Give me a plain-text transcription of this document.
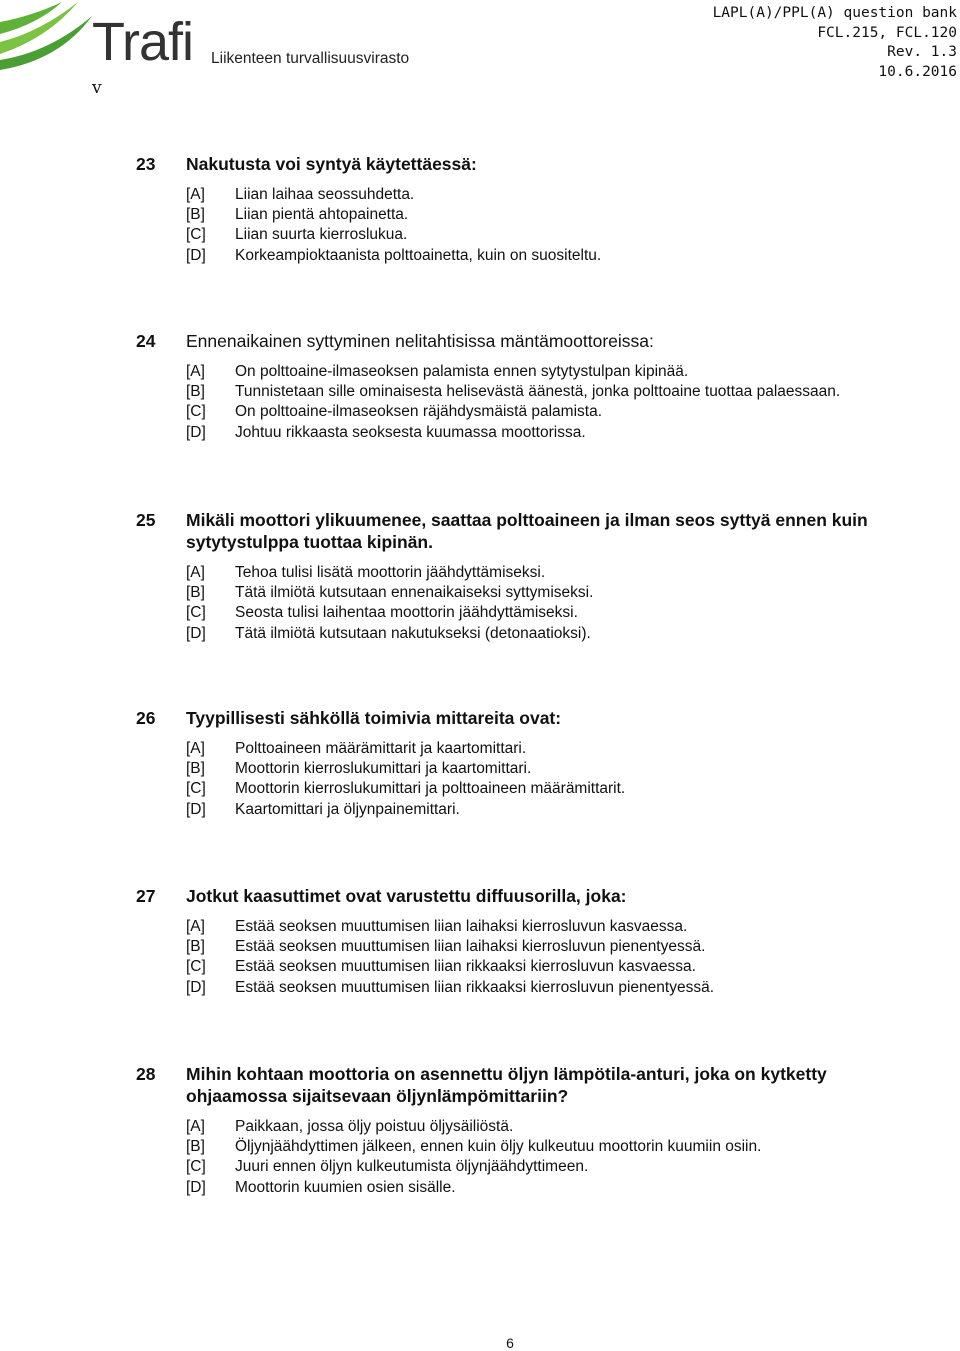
Trafi Liikenteen turvallisuusvirasto
v
LAPL(A)/PPL(A) question bank
FCL.215, FCL.120
Rev. 1.3
10.6.2016
23	Nakutusta voi syntyä käytettäessä:
[A]	Liian laihaa seossuhdetta.
[B]	Liian pientä ahtopainetta.
[C]	Liian suurta kierroslukua.
[D]	Korkeampioktaanista polttoainetta, kuin on suositeltu.
24	Ennenaikainen syttyminen nelitahtisissa mäntämoottoreissa:
[A]	On polttoaine-ilmaseoksen palamista ennen sytytystulpan kipinää.
[B]	Tunnistetaan sille ominaisesta helisevästä äänestä, jonka polttoaine tuottaa palaessaan.
[C]	On polttoaine-ilmaseoksen räjähdysmäistä palamista.
[D]	Johtuu rikkaasta seoksesta kuumassa moottorissa.
25	Mikäli moottori ylikuumenee, saattaa polttoaineen ja ilman seos syttyä ennen kuin sytytystulppa tuottaa kipinän.
[A]	Tehoa tulisi lisätä moottorin jäähdyttämiseksi.
[B]	Tätä ilmiötä kutsutaan ennenaikaiseksi syttymiseksi.
[C]	Seosta tulisi laihentaa moottorin jäähdyttämiseksi.
[D]	Tätä ilmiötä kutsutaan nakutukseksi (detonaatioksi).
26	Tyypillisesti sähköllä toimivia mittareita ovat:
[A]	Polttoaineen määrämittarit ja kaartomittari.
[B]	Moottorin kierroslukumittari ja kaartomittari.
[C]	Moottorin kierroslukumittari ja polttoaineen määrämittarit.
[D]	Kaartomittari ja öljynpainemittari.
27	Jotkut kaasuttimet ovat varustettu diffuusorilla, joka:
[A]	Estää seoksen muuttumisen liian laihaksi kierrosluvun kasvaessa.
[B]	Estää seoksen muuttumisen liian laihaksi kierrosluvun pienentyessä.
[C]	Estää seoksen muuttumisen liian rikkaaksi kierrosluvun kasvaessa.
[D]	Estää seoksen muuttumisen liian rikkaaksi kierrosluvun pienentyessä.
28	Mihin kohtaan moottoria on asennettu öljyn lämpötila-anturi, joka on kytketty ohjaamossa sijaitsevaan öljynlämpömittariin?
[A]	Paikkaan, jossa öljy poistuu öljysäiliöstä.
[B]	Öljynjäähdyttimen jälkeen, ennen kuin öljy kulkeutuu moottorin kuumiin osiin.
[C]	Juuri ennen öljyn kulkeutumista öljynjäähdyttimeen.
[D]	Moottorin kuumien osien sisälle.
6
